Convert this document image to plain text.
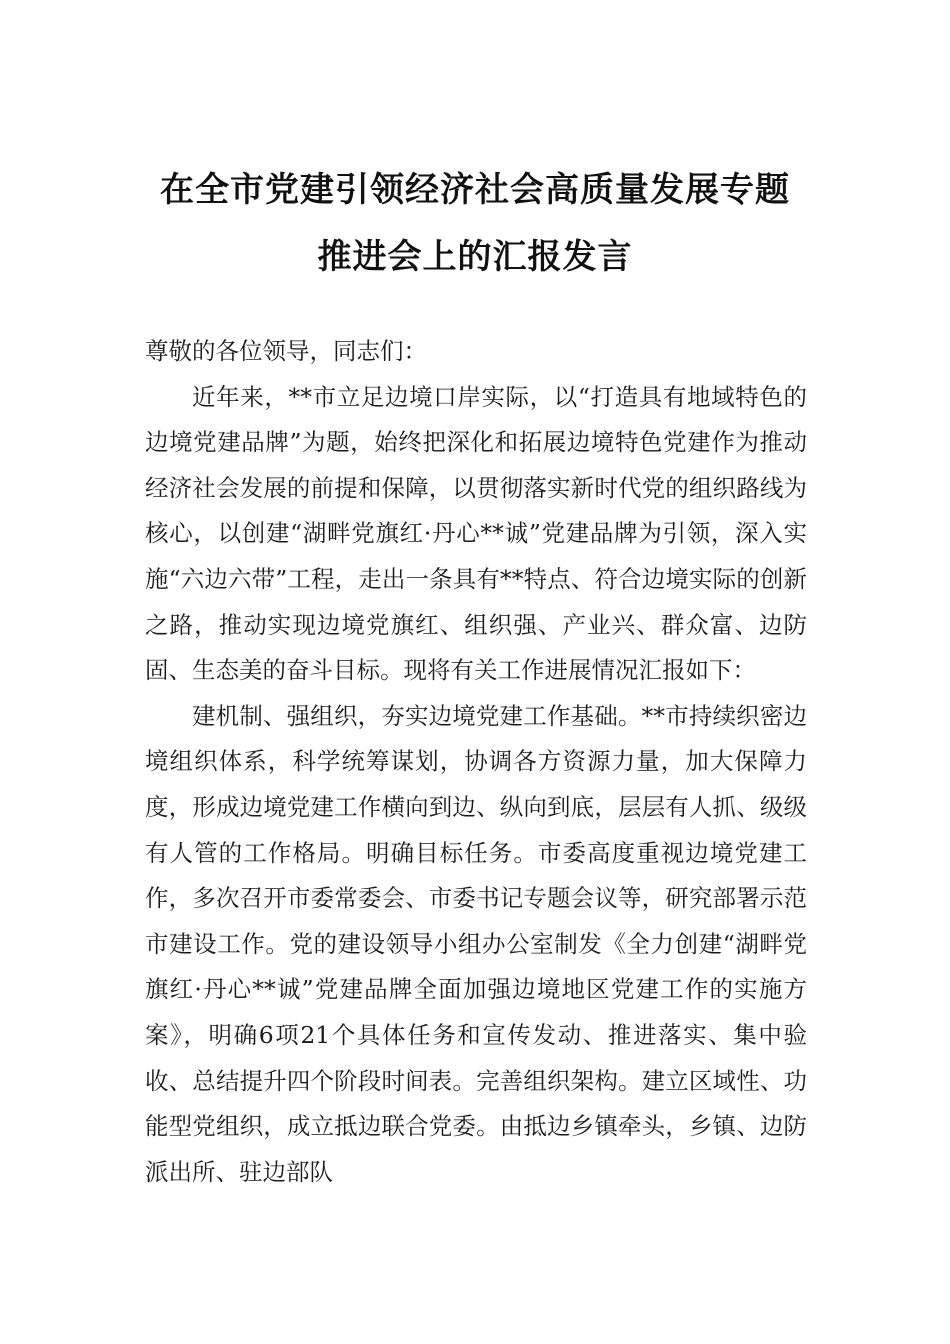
在全市党建引领经济社会高质量发展专题
推进会上的汇报发言

尊敬的各位领导，同志们：

近年来，**市立足边境口岸实际，以“打造具有地域特色的边境党建品牌”为题，始终把深化和拓展边境特色党建作为推动经济社会发展的前提和保障，以贯彻落实新时代党的组织路线为核心，以创建“湖畔党旗红·丹心**诚”党建品牌为引领，深入实施“六边六带”工程，走出一条具有**特点、符合边境实际的创新之路，推动实现边境党旗红、组织强、产业兴、群众富、边防固、生态美的奋斗目标。现将有关工作进展情况汇报如下：

建机制、强组织，夯实边境党建工作基础。**市持续织密边境组织体系，科学统筹谋划，协调各方资源力量，加大保障力度，形成边境党建工作横向到边、纵向到底，层层有人抓、级级有人管的工作格局。明确目标任务。市委高度重视边境党建工作，多次召开市委常委会、市委书记专题会议等，研究部署示范市建设工作。党的建设领导小组办公室制发《全力创建“湖畔党旗红·丹心**诚”党建品牌全面加强边境地区党建工作的实施方案》，明确6项21个具体任务和宣传发动、推进落实、集中验收、总结提升四个阶段时间表。完善组织架构。建立区域性、功能型党组织，成立抵边联合党委。由抵边乡镇牵头，乡镇、边防派出所、驻边部队
